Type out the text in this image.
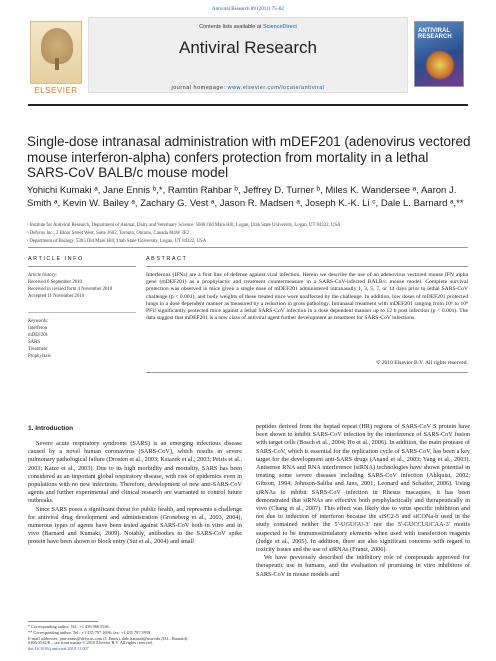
Antiviral Research 89 (2011) 75–82
ELSEVIER
Contents lists available at ScienceDirect
Antiviral Research
journal homepage: www.elsevier.com/locate/antiviral
ANTIVIRAL RESEARCH
Single-dose intranasal administration with mDEF201 (adenovirus vectored mouse interferon-alpha) confers protection from mortality in a lethal SARS-CoV BALB/c mouse model
Yohichi Kumaki ᵃ, Jane Ennis ᵇ,*, Ramtin Rahbar ᵇ, Jeffrey D. Turner ᵇ, Miles K. Wandersee ᵃ, Aaron J. Smith ᵃ, Kevin W. Bailey ᵃ, Zachary G. Vest ᵃ, Jason R. Madsen ᵃ, Joseph K.-K. Li ᶜ, Dale L. Barnard ᵃ,**
ᵃ Institute for Antiviral Research, Department of Animal, Dairy and Veterinary Science, 5600 Old Main Hill, Logan, Utah State University, Logan, UT 84322, USA
ᵇ Defyrus Inc., 2 Bloor Street West, Suite 2602, Toronto, Ontario, Canada M4W 3E2
ᶜ Department of Biology, 5305 Old Main Hill, Utah State University, Logan, UT 84322, USA
ARTICLE INFO	ABSTRACT
Article history:
Received 6 September 2010
Received in revised form 4 November 2010
Accepted 11 November 2010
Keywords:
Interferon
mDEF201
SARS
Treatment
Prophylaxis
Interferons (IFNs) are a first line of defense against viral infection. Herein we describe the use of an adenovirus vectored mouse IFN alpha gene (mDEF201) as a prophylactic and treatment countermeasure in a SARS-CoV-infected BALB/c mouse model. Complete survival protection was observed in mice given a single dose of mDEF201 administered intranasally 1, 3, 5, 7, or 14 days prior to lethal SARS-CoV challenge (p < 0.001), and body weights of these treated mice were unaffected by the challenge. In addition, low doses of mDEF201 protected lungs in a dose dependent manner as measured by a reduction in gross pathology. Intranasal treatment with mDEF201 ranging from 10⁶ to 10⁸ PFU significantly protected mice against a lethal SARS-CoV infection in a dose dependent manner up to 12 h post infection (p < 0.001). The data suggest that mDEF201 is a new class of antiviral agent further development as treatment for SARS-CoV infections.
© 2010 Elsevier B.V. All rights reserved.
1. Introduction

Severe acute respiratory syndrome (SARS) is an emerging infectious disease caused by a novel human coronavirus (SARS-CoV), which results in severe pulmonary pathological failure (Drosten et al., 2003; Ksiazek et al., 2003; Peiris et al., 2003; Katze et al., 2003). Due to its high morbidity and mortality, SARS has been considered as an important global respiratory disease, with risk of epidemics even in populations with no new infections. Therefore, development of new anti-SARS-CoV agents and further experimental and clinical research are warranted to control future outbreaks.

Since SARS poses a significant threat for public health, and represents a challenge for antiviral drug development and administration (Groneberg et al., 2003, 2004), numerous types of agents have been tested against SARS-CoV both in vitro and in vivo (Barnard and Kumaki, 2009). Notably, antibodies to the SARS-CoV spike protein have been shown to block entry (Sui et al., 2004) and small

peptides derived from the heptad repeat (HR) regions of SARS-CoV S protein have been shown to inhibit SARS-CoV infection by the interference of SARS-CoV fusion with target cells (Bosch et al., 2004; Ho et al., 2006). In addition, the main protease of SARS-CoV, which is essential for the replication cycle of SARS-CoV, has been a key target for the development anti-SARS drugs (Anand et al., 2003; Yang et al., 2003). Antisense RNA and RNA interference (siRNA) technologies have shown potential in treating some severe diseases including SARS-CoV infection (Ahlquist, 2002; Gibson, 1994; Johnson-Saliba and Jans, 2001; Leonard and Schaffer, 2006). Using siRNAs to inhibit SARS-CoV infection in Rhesus macaques, it has been demonstrated that siRNAs are effective both prophylactically and therapeutically in vivo (Chang et al., 2007). This effect was likely due to virus specific inhibition and not due to induction of interferon because the siSC2-5 and siCONa-b used in the study contained neither the 5′-UGUGU-3′ nor the 5′-GUCCUUCAA-3′ motifs suspected to be immunostimulatory elements when used with transfection reagents (Judge et al., 2005). In addition, there are also significant concerns with regard to toxicity issues and the use of siRNAs (Frantz, 2006).

We have previously described the inhibitory role of compounds approved for therapeutic use in humans, and the evaluation of promising in vitro inhibitors of SARS-CoV in mouse models and

* Corresponding author. Tel.: +1 416 966 5536.
** Corresponding author. Tel.: +1 435 797 2696; fax: +1 435 797 3959.
E-mail addresses: jane.ennis@defyrus.com (J. Ennis), dale.barnard@usu.edu (D.L. Barnard).
0166-3542/$ – see front matter © 2010 Elsevier B.V. All rights reserved.
doi:10.1016/j.antiviral.2010.11.007
